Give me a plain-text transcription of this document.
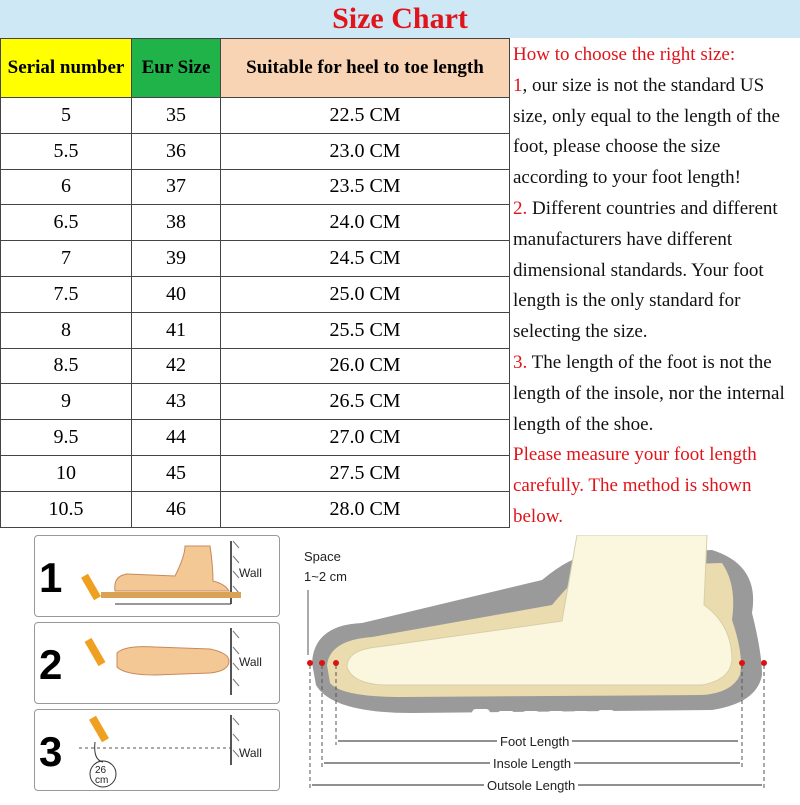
Size Chart
Serial number	Eur Size	Suitable for heel to toe length
5	35	22.5 CM
5.5	36	23.0 CM
6	37	23.5 CM
6.5	38	24.0 CM
7	39	24.5 CM
7.5	40	25.0 CM
8	41	25.5 CM
8.5	42	26.0 CM
9	43	26.5 CM
9.5	44	27.0 CM
10	45	27.5 CM
10.5	46	28.0 CM

How to choose the right size:

1, our size is not the standard US size, only equal to the length of the foot, please choose the size according to your foot length!

2. Different countries and different manufacturers have different dimensional standards. Your foot length is the only standard for selecting the size.

3. The length of the foot is not the length of the insole, nor the internal length of the shoe.

Please measure your foot length carefully. The method is shown below.

1	Wall
2	Wall
3	Wall
26
cm
Space
1~2 cm
Foot Length
Insole Length
Outsole Length
